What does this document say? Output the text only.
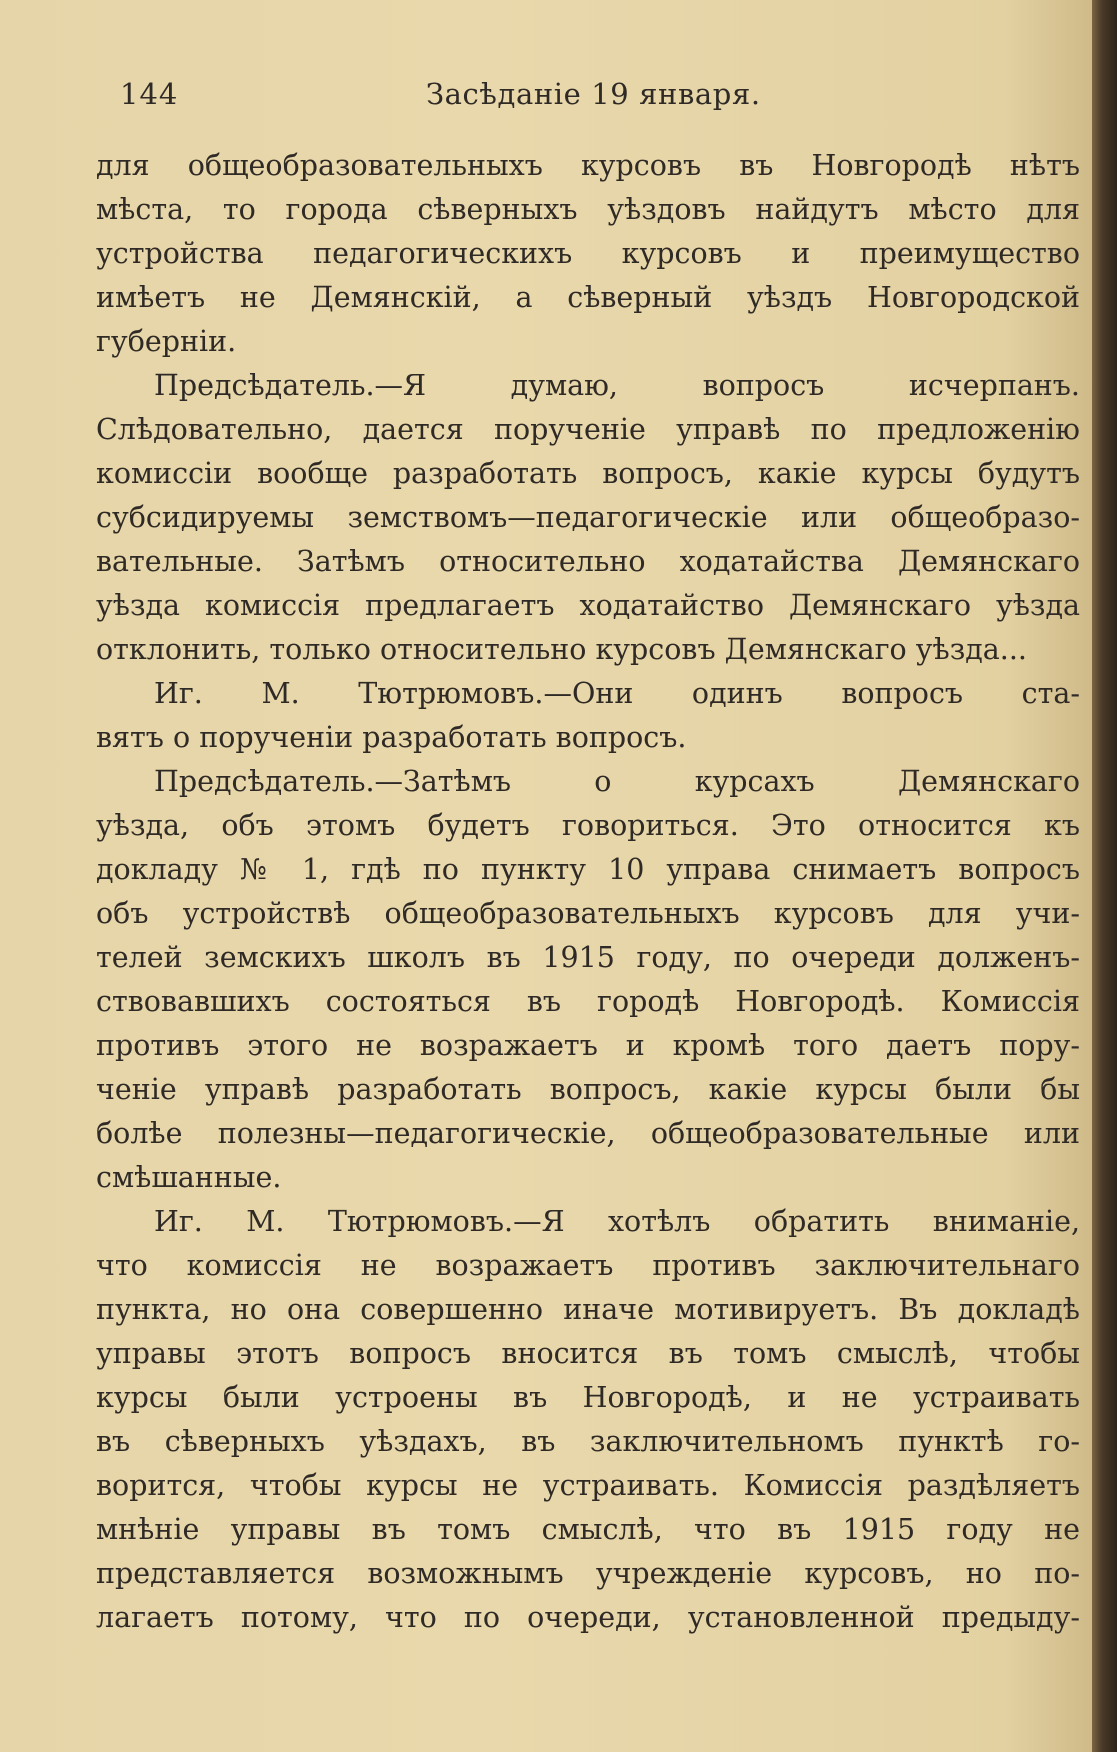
144	Засѣданіе 19 января.
для общеобразовательныхъ курсовъ въ Новгородѣ нѣтъ
мѣста, то города сѣверныхъ уѣздовъ найдутъ мѣсто для
устройства педагогическихъ курсовъ и преимущество
имѣетъ не Демянскій, а сѣверный уѣздъ Новгородской
губерніи.
Предсѣдатель.—Я думаю, вопросъ исчерпанъ.
Слѣдовательно, дается порученіе управѣ по предложенію
комиссіи вообще разработать вопросъ, какіе курсы будутъ
субсидируемы земствомъ—педагогическіе или общеобразо-
вательные. Затѣмъ относительно ходатайства Демянскаго
уѣзда комиссія предлагаетъ ходатайство Демянскаго уѣзда
отклонить, только относительно курсовъ Демянскаго уѣзда...
Иг. М. Тютрюмовъ.—Они одинъ вопросъ ста-
вятъ о порученіи разработать вопросъ.
Предсѣдатель.—Затѣмъ о курсахъ Демянскаго
уѣзда, объ этомъ будетъ говориться. Это относится къ
докладу № 1, гдѣ по пункту 10 управа снимаетъ вопросъ
объ устройствѣ общеобразовательныхъ курсовъ для учи-
телей земскихъ школъ въ 1915 году, по очереди долженъ-
ствовавшихъ состояться въ городѣ Новгородѣ. Комиссія
противъ этого не возражаетъ и кромѣ того даетъ пору-
ченіе управѣ разработать вопросъ, какіе курсы были бы
болѣе полезны—педагогическіе, общеобразовательные или
смѣшанные.
Иг. М. Тютрюмовъ.—Я хотѣлъ обратить вниманіе,
что комиссія не возражаетъ противъ заключительнаго
пункта, но она совершенно иначе мотивируетъ. Въ докладѣ
управы этотъ вопросъ вносится въ томъ смыслѣ, чтобы
курсы были устроены въ Новгородѣ, и не устраивать
въ сѣверныхъ уѣздахъ, въ заключительномъ пунктѣ го-
ворится, чтобы курсы не устраивать. Комиссія раздѣляетъ
мнѣніе управы въ томъ смыслѣ, что въ 1915 году не
представляется возможнымъ учрежденіе курсовъ, но по-
лагаетъ потому, что по очереди, установленной предыду-
